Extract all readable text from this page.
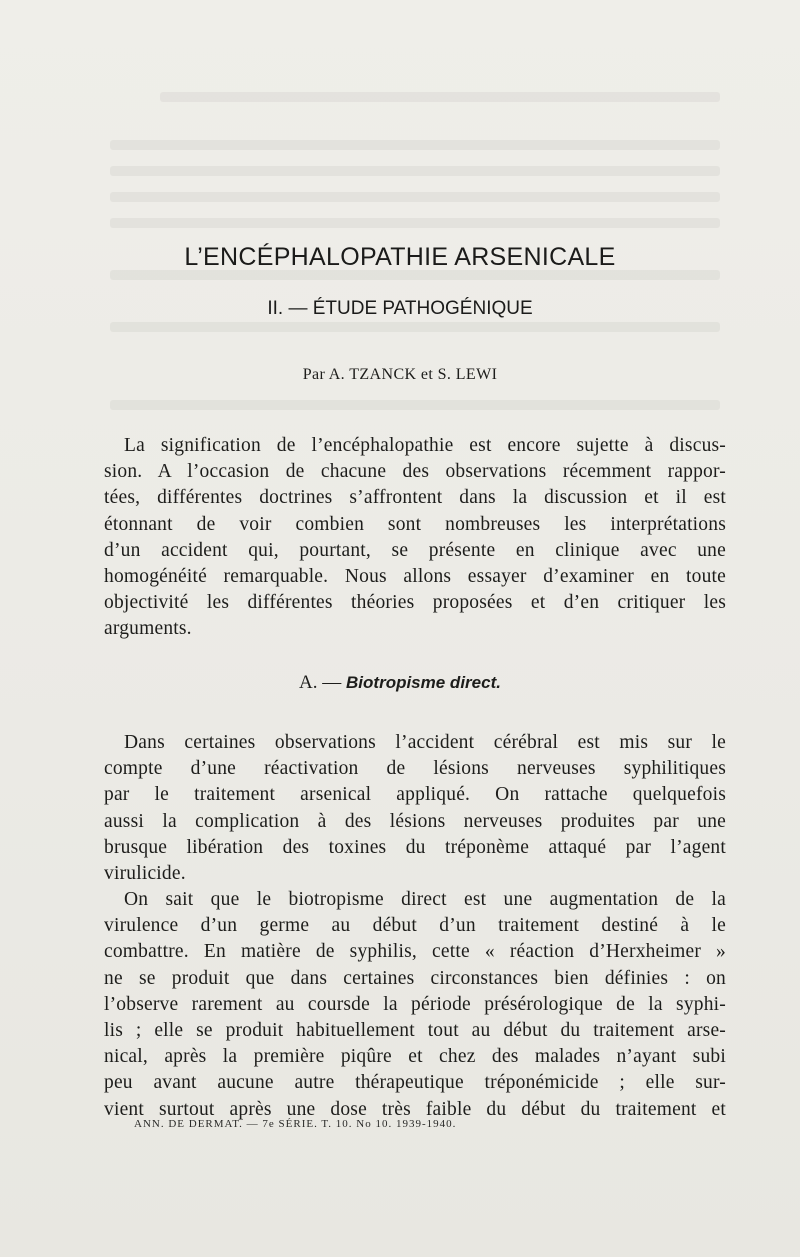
L’ENCÉPHALOPATHIE ARSENICALE
II. — ÉTUDE PATHOGÉNIQUE
Par A. TZANCK et S. LEWI
La signification de l’encéphalopathie est encore sujette à discus-
sion. A l’occasion de chacune des observations récemment rappor-
tées, différentes doctrines s’affrontent dans la discussion et il est
étonnant de voir combien sont nombreuses les interprétations
d’un accident qui, pourtant, se présente en clinique avec une
homogénéité remarquable. Nous allons essayer d’examiner en toute
objectivité les différentes théories proposées et d’en critiquer les
arguments.
A. — Biotropisme direct.
Dans certaines observations l’accident cérébral est mis sur le
compte d’une réactivation de lésions nerveuses syphilitiques
par le traitement arsenical appliqué. On rattache quelquefois
aussi la complication à des lésions nerveuses produites par une
brusque libération des toxines du tréponème attaqué par l’agent
virulicide.
On sait que le biotropisme direct est une augmentation de la
virulence d’un germe au début d’un traitement destiné à le
combattre. En matière de syphilis, cette « réaction d’Herxheimer »
ne se produit que dans certaines circonstances bien définies : on
l’observe rarement au coursde la période présérologique de la syphi-
lis ; elle se produit habituellement tout au début du traitement arse-
nical, après la première piqûre et chez des malades n’ayant subi
peu avant aucune autre thérapeutique tréponémicide ; elle sur-
vient surtout après une dose très faible du début du traitement et
ANN. DE DERMAT. — 7e SÉRIE. T. 10. No 10. 1939-1940.
